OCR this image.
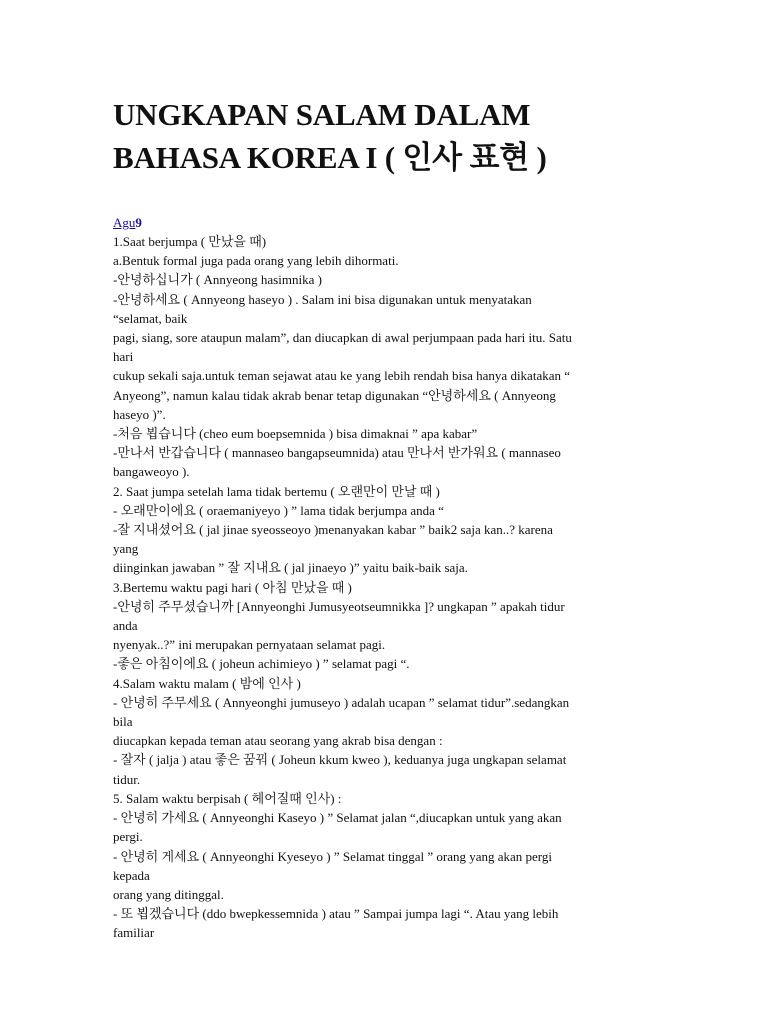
UNGKAPAN SALAM DALAM BAHASA KOREA I ( 인사 표현 )
Agu9
1.Saat berjumpa ( 만났을 때)
a.Bentuk formal juga pada orang yang lebih dihormati.
-안녕하십니가 ( Annyeong hasimnika )
-안녕하세요 ( Annyeong haseyo ) . Salam ini bisa digunakan untuk menyatakan
“selamat, baik
pagi, siang, sore ataupun malam”, dan diucapkan di awal perjumpaan pada hari itu. Satu
hari
cukup sekali saja.untuk teman sejawat atau ke yang lebih rendah bisa hanya dikatakan “
Anyeong”, namun kalau tidak akrab benar tetap digunakan “안녕하세요 ( Annyeong
haseyo )”.
-처음 뵙습니다 (cheo eum boepsemnida ) bisa dimaknai ” apa kabar”
-만나서 반갑습니다 ( mannaseo bangapseumnida) atau 만나서 반가워요 ( mannaseo
bangaweoyo ).
2. Saat jumpa setelah lama tidak bertemu ( 오랜만이 만날 때 )
- 오래만이에요 ( oraemaniyeyo ) ” lama tidak berjumpa anda “
-잘 지내셨어요 ( jal jinae syeosseoyo )menanyakan kabar ” baik2 saja kan..? karena
yang
diinginkan jawaban ” 잘 지내요 ( jal jinaeyo )” yaitu baik-baik saja.
3.Bertemu waktu pagi hari ( 아침 만났을 때 )
-안녕히 주무셨습니까 [Annyeonghi Jumusyeotseumnikka ]? ungkapan ” apakah tidur
anda
nyenyak..?” ini merupakan pernyataan selamat pagi.
-좋은 아침이에요 ( joheun achimieyo ) ” selamat pagi “.
4.Salam waktu malam ( 밤에 인사 )
- 안녕히 주무세요 ( Annyeonghi jumuseyo ) adalah ucapan ” selamat tidur”.sedangkan
bila
diucapkan kepada teman atau seorang yang akrab bisa dengan :
- 잘자 ( jalja ) atau 좋은 꿈꿔 ( Joheun kkum kweo ), keduanya juga ungkapan selamat
tidur.
5. Salam waktu berpisah ( 헤어질때 인사) :
- 안녕히 가세요 ( Annyeonghi Kaseyo ) ” Selamat jalan “,diucapkan untuk yang akan
pergi.
- 안녕히 게세요 ( Annyeonghi Kyeseyo ) ” Selamat tinggal ” orang yang akan pergi
kepada
orang yang ditinggal.
- 또 뵙겠습니다 (ddo bwepkessemnida ) atau ” Sampai jumpa lagi “. Atau yang lebih
familiar
